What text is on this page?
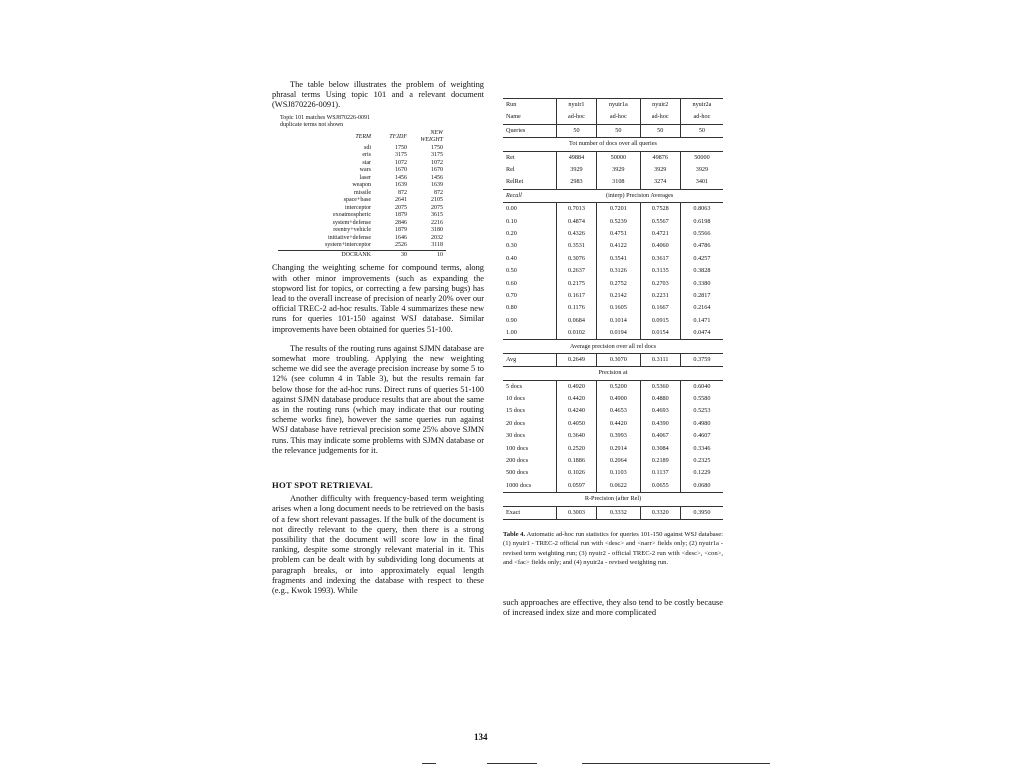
The table below illustrates the problem of weighting phrasal terms Using topic 101 and a relevant document (WSJ870226-0091).

Topic 101 matches WSJ870226-0091
duplicate terms not shown
TERM	TF.IDF	NEW WEIGHT
sdi	1750	1750
eris	3175	3175
star	1072	1072
wars	1670	1670
laser	1456	1456
weapon	1639	1639
missile	872	872
space+base	2641	2105
interceptor	2075	2075
exoatmospheric	1879	3615
system+defense	2846	2216
reentry+vehicle	1879	3180
initiative+defense	1646	2032
system+interceptor	2526	3118
DOCRANK	30	10

Changing the weighting scheme for compound terms, along with other minor improvements (such as expanding the stopword list for topics, or correcting a few parsing bugs) has lead to the overall increase of precision of nearly 20% over our official TREC-2 ad-hoc results. Table 4 summarizes these new runs for queries 101-150 against WSJ database. Similar improvements have been obtained for queries 51-100.

The results of the routing runs against SJMN database are somewhat more troubling. Applying the new weighting scheme we did see the average precision increase by some 5 to 12% (see column 4 in Table 3), but the results remain far below those for the ad-hoc runs. Direct runs of queries 51-100 against SJMN database produce results that are about the same as in the routing runs (which may indicate that our routing scheme works fine), however the same queries run against WSJ database have retrieval precision some 25% above SJMN runs. This may indicate some problems with SJMN database or the relevance judgements for it.

HOT SPOT RETRIEVAL

Another difficulty with frequency-based term weighting arises when a long document needs to be retrieved on the basis of a few short relevant passages. If the bulk of the document is not directly relevant to the query, then there is a strong possibility that the document will score low in the final ranking, despite some strongly relevant material in it. This problem can be dealt with by subdividing long documents at paragraph breaks, or into approximately equal length fragments and indexing the database with respect to these (e.g., Kwok 1993). While

Run	nyuir1	nyuir1a	nyuir2	nyuir2a
Name	ad-hoc	ad-hoc	ad-hoc	ad-hoc
Queries	50	50	50	50
Tot number of docs over all queries				
Ret	49884	50000	49876	50000
Rel	3929	3929	3929	3929
RelRet	2983	3108	3274	3401
Recall	(interp) Precision Averages			
0.00	0.7013	0.7201	0.7528	0.8063
0.10	0.4874	0.5239	0.5567	0.6198
0.20	0.4326	0.4751	0.4721	0.5566
0.30	0.3531	0.4122	0.4060	0.4786
0.40	0.3076	0.3541	0.3617	0.4257
0.50	0.2637	0.3126	0.3135	0.3828
0.60	0.2175	0.2752	0.2703	0.3380
0.70	0.1617	0.2142	0.2231	0.2817
0.80	0.1176	0.1605	0.1667	0.2164
0.90	0.0684	0.1014	0.0915	0.1471
1.00	0.0102	0.0194	0.0154	0.0474
Average precision over all rel docs				
Avg	0.2649	0.3070	0.3111	0.3759
Precision at				
5 docs	0.4920	0.5200	0.5360	0.6040
10 docs	0.4420	0.4900	0.4880	0.5580
15 docs	0.4240	0.4653	0.4693	0.5253
20 docs	0.4050	0.4420	0.4390	0.4980
30 docs	0.3640	0.3993	0.4067	0.4607
100 docs	0.2520	0.2914	0.3084	0.3346
200 docs	0.1886	0.2064	0.2189	0.2325
500 docs	0.1026	0.1103	0.1137	0.1229
1000 docs	0.0597	0.0622	0.0655	0.0680
R-Precision (after Rel)				
Exact	0.3003	0.3332	0.3320	0.3950
Table 4. Automatic ad-hoc run statistics for queries 101-150 against WSJ database: (1) nyuir1 - TREC-2 official run with <desc> and <narr> fields only; (2) nyuir1a - revised term weighting run; (3) nyuir2 - official TREC-2 run with <desc>, <con>, and <fac> fields only; and (4) nyuir2a - revised weighting run.

such approaches are effective, they also tend to be costly because of increased index size and more complicated

134
